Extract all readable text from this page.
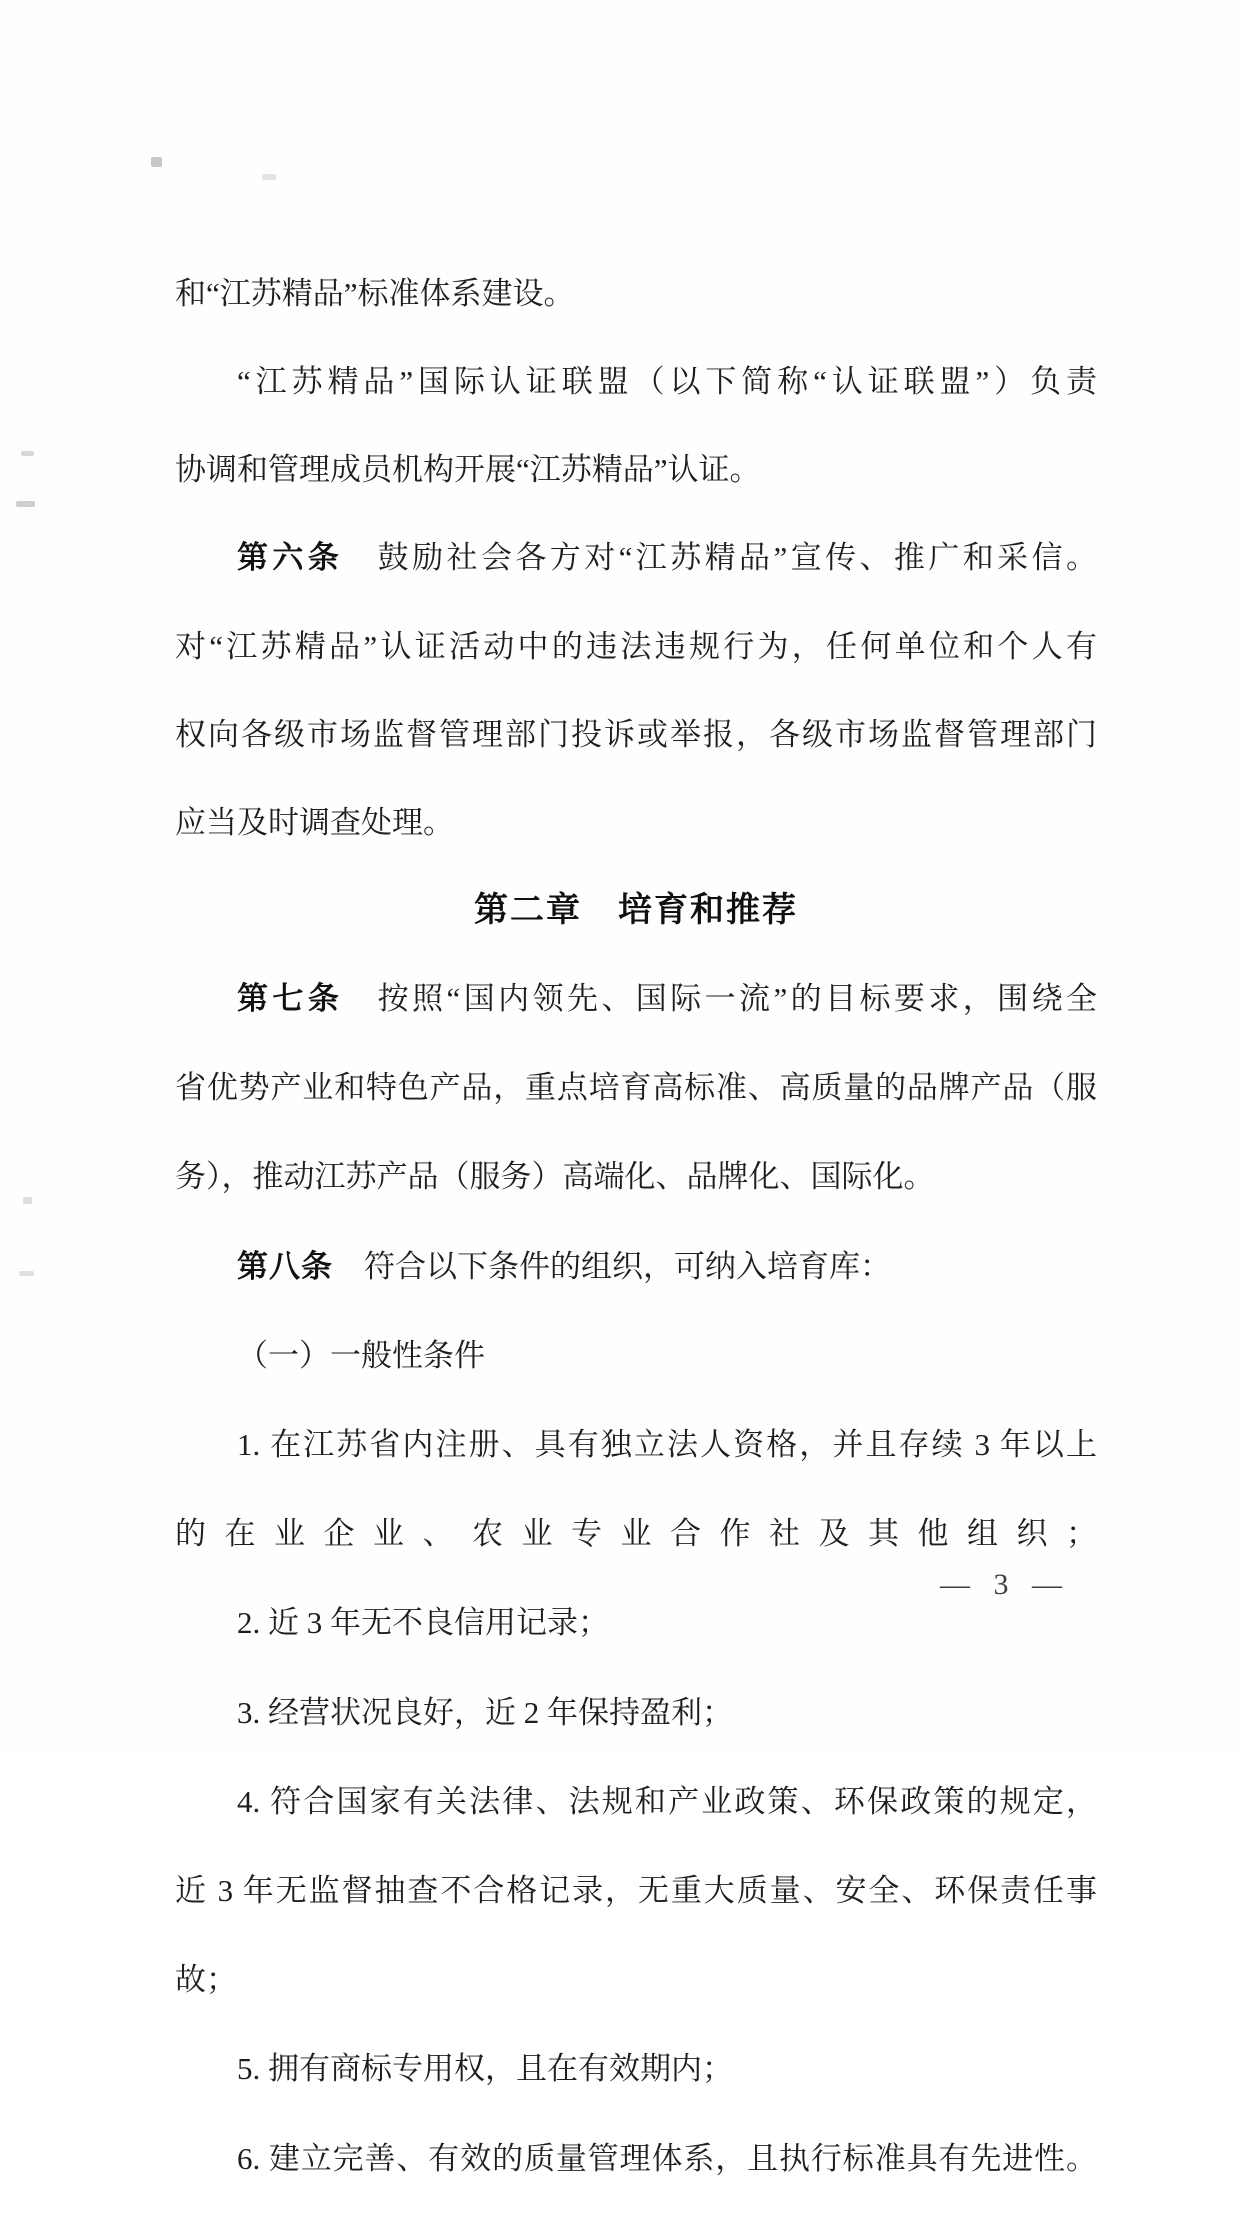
和“江苏精品”标准体系建设。

“江苏精品”国际认证联盟（以下简称“认证联盟”）负责

协调和管理成员机构开展“江苏精品”认证。

第六条　鼓励社会各方对“江苏精品”宣传、推广和采信。

对“江苏精品”认证活动中的违法违规行为，任何单位和个人有

权向各级市场监督管理部门投诉或举报，各级市场监督管理部门

应当及时调查处理。

第二章　培育和推荐

第七条　按照“国内领先、国际一流”的目标要求，围绕全

省优势产业和特色产品，重点培育高标准、高质量的品牌产品（服

务），推动江苏产品（服务）高端化、品牌化、国际化。

第八条　符合以下条件的组织，可纳入培育库：

（一）一般性条件

1. 在江苏省内注册、具有独立法人资格，并且存续 3 年以上

的在业企业、农业专业合作社及其他组织；

2. 近 3 年无不良信用记录；

3. 经营状况良好，近 2 年保持盈利；

4. 符合国家有关法律、法规和产业政策、环保政策的规定，

近 3 年无监督抽查不合格记录，无重大质量、安全、环保责任事

故；

5. 拥有商标专用权，且在有效期内；

6. 建立完善、有效的质量管理体系，且执行标准具有先进性。

— 3 —
